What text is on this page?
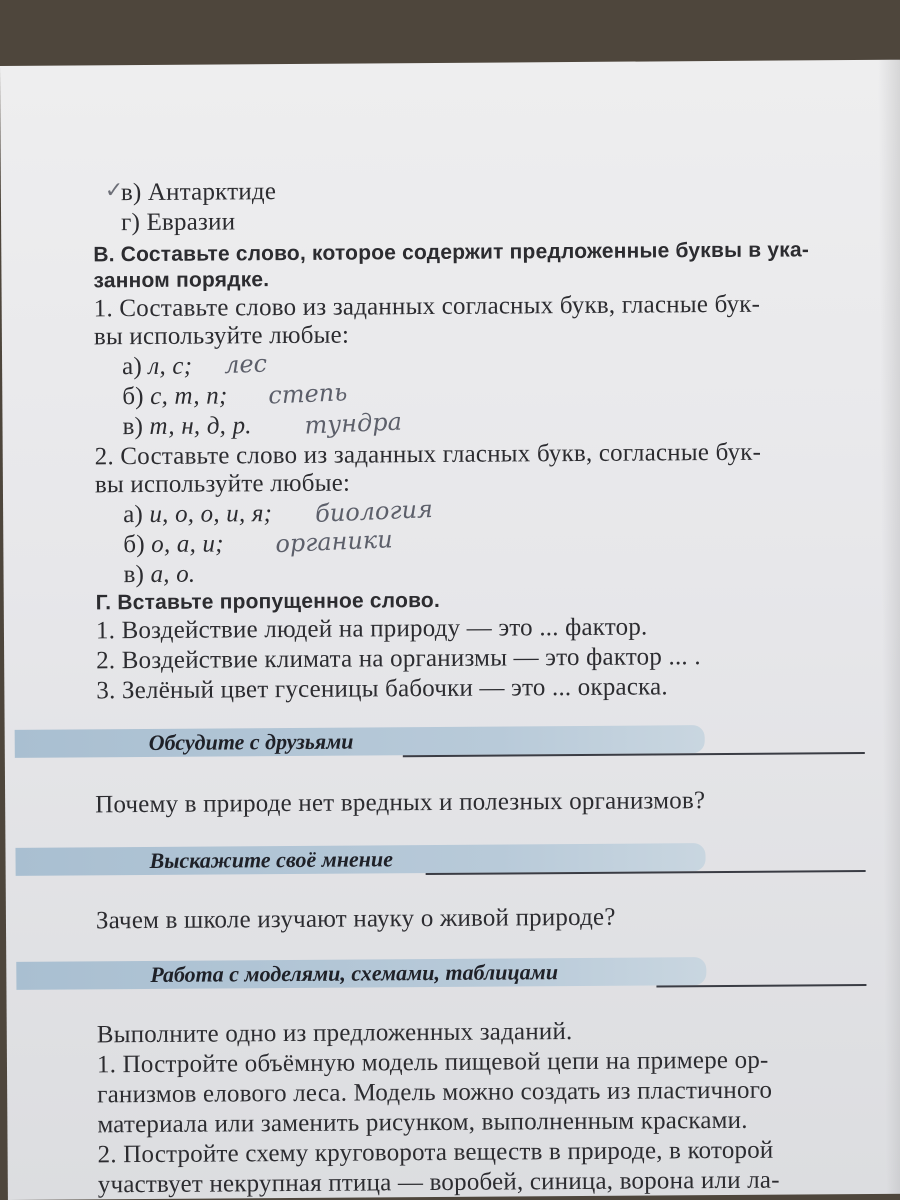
✓
в) Антарктиде
г) Евразии
В. Составьте слово, которое содержит предложенные буквы в ука-
занном порядке.
1. Составьте слово из заданных согласных букв, гласные бук-
вы используйте любые:
а) л, с; лес
б) с, т, п; степь
в) т, н, д, р. тундра
2. Составьте слово из заданных гласных букв, согласные бук-
вы используйте любые:
а) и, о, о, и, я; биология
б) о, а, и; органики
в) а, о.
Г. Вставьте пропущенное слово.
1. Воздействие людей на природу — это ... фактор.
2. Воздействие климата на организмы — это фактор ... .
3. Зелёный цвет гусеницы бабочки — это ... окраска.
Обсудите с друзьями
Почему в природе нет вредных и полезных организмов?
Выскажите своё мнение
Зачем в школе изучают науку о живой природе?
Работа с моделями, схемами, таблицами
Выполните одно из предложенных заданий.
1. Постройте объёмную модель пищевой цепи на примере ор-
ганизмов елового леса. Модель можно создать из пластичного
материала или заменить рисунком, выполненным красками.
2. Постройте схему круговорота веществ в природе, в которой
участвует некрупная птица — воробей, синица, ворона или ла-
